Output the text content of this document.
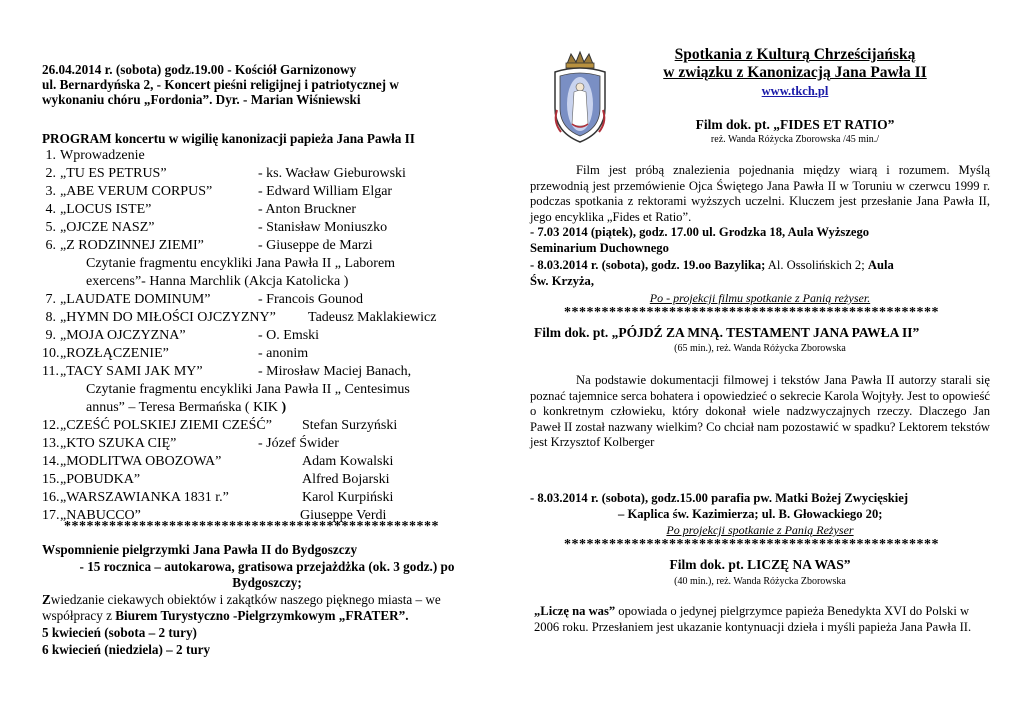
26.04.2014 r. (sobota) godz.19.00 - Kościół Garnizonowy
ul. Bernardyńska 2, - Koncert pieśni religijnej i patriotycznej w
wykonaniu chóru „Fordonia”. Dyr. - Marian Wiśniewski
PROGRAM koncertu w wigilię kanonizacji papieża Jana Pawła II
1. Wprowadzenie
2. „TU ES PETRUS”	- ks. Wacław Gieburowski
3. „ABE VERUM CORPUS”	- Edward William Elgar
4. „LOCUS ISTE”	- Anton Bruckner
5. „OJCZE NASZ”	- Stanisław Moniuszko
6. „Z RODZINNEJ ZIEMI”	- Giuseppe de Marzi
Czytanie fragmentu encykliki Jana Pawła II „ Laborem
exercens”- Hanna Marchlik (Akcja Katolicka )
7. „LAUDATE DOMINUM”	- Francois Gounod
8. „HYMN DO MIŁOŚCI OJCZYZNY” Tadeusz Maklakiewicz
9. „MOJA OJCZYZNA”	- O. Emski
10. „ROZŁĄCZENIE”	- anonim
11. „TACY SAMI JAK MY”	- Mirosław Maciej Banach,
Czytanie fragmentu encykliki Jana Pawła II „ Centesimus
annus” – Teresa Bermańska ( KIK )
12. „CZEŚĆ POLSKIEJ ZIEMI CZEŚĆ” Stefan Surzyński
13. „KTO SZUKA CIĘ”	- Józef Świder
14. „MODLITWA OBOZOWA”	Adam Kowalski
15. „POBUDKA”	Alfred Bojarski
16. „WARSZAWIANKA 1831 r.”	Karol Kurpiński
17. „NABUCCO”	Giuseppe Verdi
**************************************************
Wspomnienie pielgrzymki Jana Pawła II do Bydgoszczy
- 15 rocznica – autokarowa, gratisowa przejażdżka (ok. 3 godz.) po
Bydgoszczy;
Zwiedzanie ciekawych obiektów i zakątków naszego pięknego miasta – we
współpracy z Biurem Turystyczno -Pielgrzymkowym „FRATER”.
5 kwiecień (sobota – 2 tury)
6 kwiecień (niedziela) – 2 tury
Spotkania z Kulturą Chrześcijańską
w związku z Kanonizacją Jana Pawła II
www.tkch.pl
Film dok. pt. „FIDES ET RATIO”
reż. Wanda Różycka Zborowska /45 min./
Film jest próbą znalezienia pojednania między wiarą i rozumem. Myślą przewodnią jest przemówienie Ojca Świętego Jana Pawła II w Toruniu w czerwcu 1999 r. podczas spotkania z rektorami wyższych uczelni. Kluczem jest przesłanie Jana Pawła II, jego encyklika „Fides et Ratio”.
- 7.03 2014 (piątek), godz. 17.00 ul. Grodzka 18, Aula Wyższego
Seminarium Duchownego
- 8.03.2014 r. (sobota), godz. 19.oo Bazylika; Al. Ossolińskich 2; Aula
Św. Krzyża,
Po - projekcji filmu spotkanie z Panią reżyser.
**************************************************
Film dok. pt. „PÓJDŹ ZA MNĄ. TESTAMENT JANA PAWŁA II”
(65 min.), reż. Wanda Różycka Zborowska
Na podstawie dokumentacji filmowej i tekstów Jana Pawła II autorzy starali się poznać tajemnice serca bohatera i opowiedzieć o sekrecie Karola Wojtyły. Jest to opowieść o konkretnym człowieku, który dokonał wiele nadzwyczajnych rzeczy. Dlaczego Jan Paweł II został nazwany wielkim? Co chciał nam pozostawić w spadku? Lektorem tekstów jest Krzysztof Kolberger
- 8.03.2014 r. (sobota), godz.15.00 parafia pw. Matki Bożej Zwycięskiej
– Kaplica św. Kazimierza; ul. B. Głowackiego 20;
Po projekcji spotkanie z Panią Reżyser
**************************************************
Film dok. pt. LICZĘ NA WAS”
(40 min.), reż. Wanda Różycka Zborowska
„Liczę na was” opowiada o jedynej pielgrzymce papieża Benedykta XVI do Polski w 2006 roku. Przesłaniem jest ukazanie kontynuacji dzieła i myśli papieża Jana Pawła II.
